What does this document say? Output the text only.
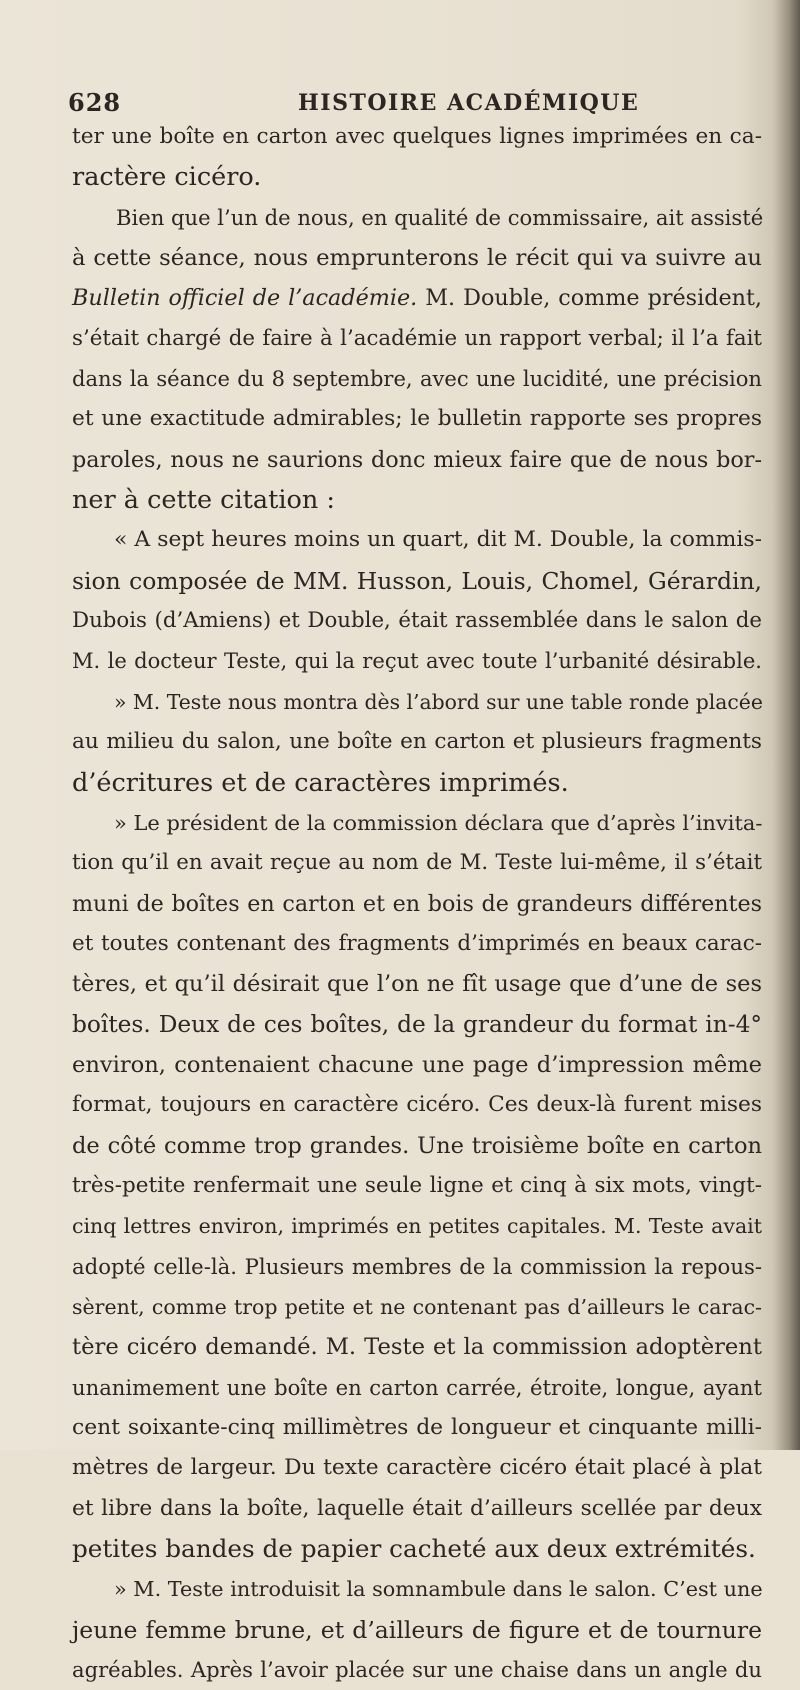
628	HISTOIRE ACADÉMIQUE
ter une boîte en carton avec quelques lignes imprimées en ca-
ractère cicéro.
Bien que l’un de nous, en qualité de commissaire, ait assisté
à cette séance, nous emprunterons le récit qui va suivre au
Bulletin officiel de l’académie. M. Double, comme président,
s’était chargé de faire à l’académie un rapport verbal; il l’a fait
dans la séance du 8 septembre, avec une lucidité, une précision
et une exactitude admirables; le bulletin rapporte ses propres
paroles, nous ne saurions donc mieux faire que de nous bor-
ner à cette citation :
« A sept heures moins un quart, dit M. Double, la commis-
sion composée de MM. Husson, Louis, Chomel, Gérardin,
Dubois (d’Amiens) et Double, était rassemblée dans le salon de
M. le docteur Teste, qui la reçut avec toute l’urbanité désirable.
» M. Teste nous montra dès l’abord sur une table ronde placée
au milieu du salon, une boîte en carton et plusieurs fragments
d’écritures et de caractères imprimés.
» Le président de la commission déclara que d’après l’invita-
tion qu’il en avait reçue au nom de M. Teste lui-même, il s’était
muni de boîtes en carton et en bois de grandeurs différentes
et toutes contenant des fragments d’imprimés en beaux carac-
tères, et qu’il désirait que l’on ne fît usage que d’une de ses
boîtes. Deux de ces boîtes, de la grandeur du format in-4°
environ, contenaient chacune une page d’impression même
format, toujours en caractère cicéro. Ces deux-là furent mises
de côté comme trop grandes. Une troisième boîte en carton
très-petite renfermait une seule ligne et cinq à six mots, vingt-
cinq lettres environ, imprimés en petites capitales. M. Teste avait
adopté celle-là. Plusieurs membres de la commission la repous-
sèrent, comme trop petite et ne contenant pas d’ailleurs le carac-
tère cicéro demandé. M. Teste et la commission adoptèrent
unanimement une boîte en carton carrée, étroite, longue, ayant
cent soixante-cinq millimètres de longueur et cinquante milli-
mètres de largeur. Du texte caractère cicéro était placé à plat
et libre dans la boîte, laquelle était d’ailleurs scellée par deux
petites bandes de papier cacheté aux deux extrémités.
» M. Teste introduisit la somnambule dans le salon. C’est une
jeune femme brune, et d’ailleurs de figure et de tournure
agréables. Après l’avoir placée sur une chaise dans un angle du
